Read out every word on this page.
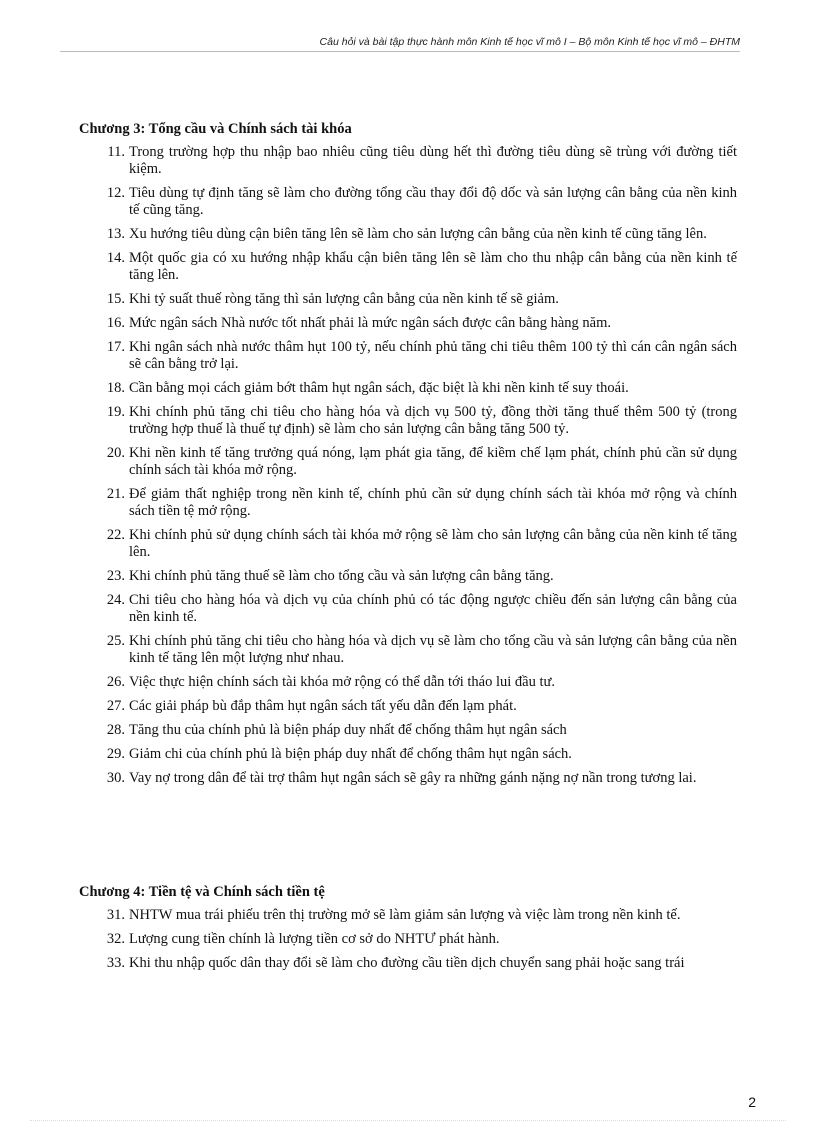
Câu hỏi và bài tập thực hành môn Kinh tế học vĩ mô I – Bộ môn Kinh tế học vĩ mô – ĐHTM
Chương 3: Tổng cầu và Chính sách tài khóa
11. Trong trường hợp thu nhập bao nhiêu cũng tiêu dùng hết thì đường tiêu dùng sẽ trùng với đường tiết kiệm.
12. Tiêu dùng tự định tăng sẽ làm cho đường tổng cầu thay đổi độ dốc và sản lượng cân bằng của nền kinh tế cũng tăng.
13. Xu hướng tiêu dùng cận biên tăng lên sẽ làm cho sản lượng cân bằng của nền kinh tế cũng tăng lên.
14. Một quốc gia có xu hướng nhập khẩu cận biên tăng lên sẽ làm cho thu nhập cân bằng của nền kinh tế tăng lên.
15. Khi tỷ suất thuế ròng tăng thì sản lượng cân bằng của nền kinh tế sẽ giảm.
16. Mức ngân sách Nhà nước tốt nhất phải là mức ngân sách được cân bằng hàng năm.
17. Khi ngân sách nhà nước thâm hụt 100 tỷ, nếu chính phủ tăng chi tiêu thêm 100 tỷ thì cán cân ngân sách sẽ cân bằng trở lại.
18. Cần bằng mọi cách giảm bớt thâm hụt ngân sách, đặc biệt là khi nền kinh tế suy thoái.
19. Khi chính phủ tăng chi tiêu cho hàng hóa và dịch vụ 500 tỷ, đồng thời tăng thuế thêm 500 tỷ (trong trường hợp thuế là thuế tự định) sẽ làm cho sản lượng cân bằng tăng 500 tỷ.
20. Khi nền kinh tế tăng trưởng quá nóng, lạm phát gia tăng, để kiềm chế lạm phát, chính phủ cần sử dụng chính sách tài khóa mở rộng.
21. Để giảm thất nghiệp trong nền kinh tế, chính phủ cần sử dụng chính sách tài khóa mở rộng và chính sách tiền tệ mở rộng.
22. Khi chính phủ sử dụng chính sách tài khóa mở rộng sẽ làm cho sản lượng cân bằng của nền kinh tế tăng lên.
23. Khi chính phủ tăng thuế sẽ làm cho tổng cầu và sản lượng cân bằng tăng.
24. Chi tiêu cho hàng hóa và dịch vụ của chính phủ có tác động ngược chiều đến sản lượng cân bằng của nền kinh tế.
25. Khi chính phủ tăng chi tiêu cho hàng hóa và dịch vụ sẽ làm cho tổng cầu và sản lượng cân bằng của nền kinh tế tăng lên một lượng như nhau.
26. Việc thực hiện chính sách tài khóa mở rộng có thể dẫn tới tháo lui đầu tư.
27. Các giải pháp bù đắp thâm hụt ngân sách tất yếu dẫn đến lạm phát.
28. Tăng thu của chính phủ là biện pháp duy nhất để chống thâm hụt ngân sách
29. Giảm chi của chính phủ là biện pháp duy nhất để chống thâm hụt ngân sách.
30. Vay nợ trong dân để tài trợ thâm hụt ngân sách sẽ gây ra những gánh nặng nợ nần trong tương lai.
Chương 4: Tiền tệ và Chính sách tiền tệ
31. NHTW mua trái phiếu trên thị trường mở sẽ làm giảm sản lượng và việc làm trong nền kinh tế.
32. Lượng cung tiền chính là lượng tiền cơ sở do NHTƯ phát hành.
33. Khi thu nhập quốc dân thay đổi sẽ làm cho đường cầu tiền dịch chuyển sang phải hoặc sang trái
2
